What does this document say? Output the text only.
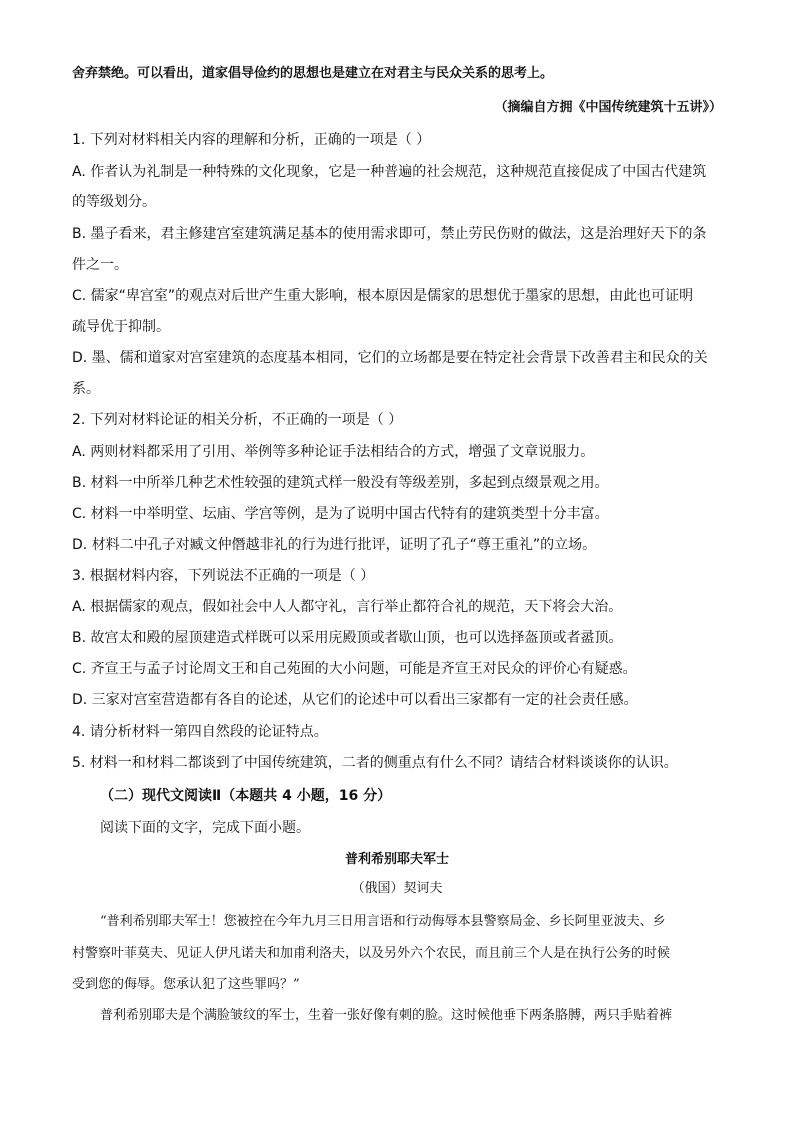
舍弃禁绝。可以看出，道家倡导俭约的思想也是建立在对君主与民众关系的思考上。
（摘编自方拥《中国传统建筑十五讲》）
1. 下列对材料相关内容的理解和分析，正确的一项是（ ）
A. 作者认为礼制是一种特殊的文化现象，它是一种普遍的社会规范，这种规范直接促成了中国古代建筑
的等级划分。
B. 墨子看来，君主修建宫室建筑满足基本的使用需求即可，禁止劳民伤财的做法，这是治理好天下的条
件之一。
C. 儒家“卑宫室”的观点对后世产生重大影响，根本原因是儒家的思想优于墨家的思想，由此也可证明
疏导优于抑制。
D. 墨、儒和道家对宫室建筑的态度基本相同，它们的立场都是要在特定社会背景下改善君主和民众的关
系。
2. 下列对材料论证的相关分析，不正确的一项是（ ）
A. 两则材料都采用了引用、举例等多种论证手法相结合的方式，增强了文章说服力。
B. 材料一中所举几种艺术性较强的建筑式样一般没有等级差别，多起到点缀景观之用。
C. 材料一中举明堂、坛庙、学宫等例，是为了说明中国古代特有的建筑类型十分丰富。
D. 材料二中孔子对臧文仲僭越非礼的行为进行批评，证明了孔子“尊王重礼”的立场。
3. 根据材料内容，下列说法不正确的一项是（ ）
A. 根据儒家的观点，假如社会中人人都守礼，言行举止都符合礼的规范，天下将会大治。
B. 故宫太和殿的屋顶建造式样既可以采用庑殿顶或者歇山顶，也可以选择盔顶或者盝顶。
C. 齐宣王与孟子讨论周文王和自己苑囿的大小问题，可能是齐宣王对民众的评价心有疑惑。
D. 三家对宫室营造都有各自的论述，从它们的论述中可以看出三家都有一定的社会责任感。
4. 请分析材料一第四自然段的论证特点。
5. 材料一和材料二都谈到了中国传统建筑，二者的侧重点有什么不同？请结合材料谈谈你的认识。
（二）现代文阅读Ⅱ（本题共 4 小题，16 分）
阅读下面的文字，完成下面小题。
普利希别耶夫军士
（俄国）契诃夫
“普利希别耶夫军士！您被控在今年九月三日用言语和行动侮辱本县警察局金、乡长阿里亚波夫、乡
村警察叶菲莫夫、见证人伊凡诺夫和加甫利洛夫，以及另外六个农民，而且前三个人是在执行公务的时候
受到您的侮辱。您承认犯了这些罪吗？”
普利希别耶夫是个满脸皱纹的军士，生着一张好像有刺的脸。这时候他垂下两条胳膊，两只手贴着裤
